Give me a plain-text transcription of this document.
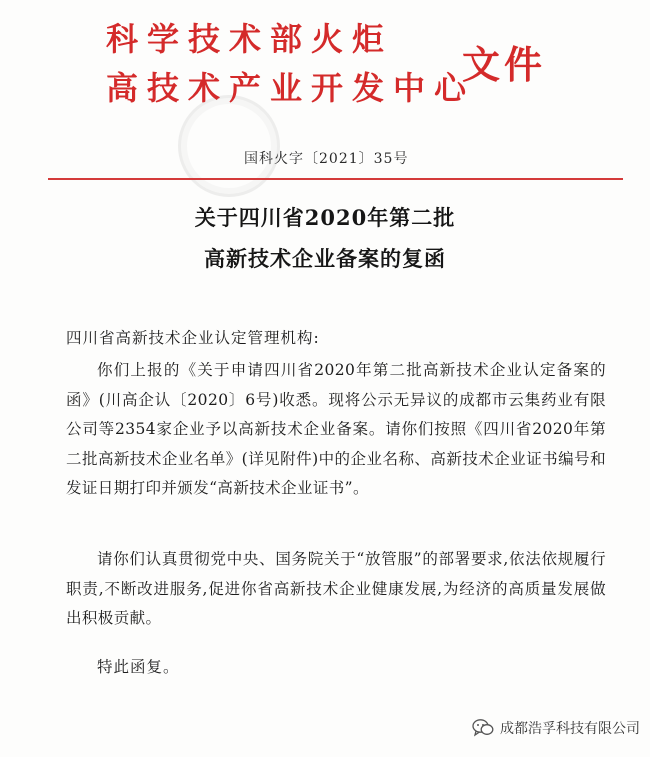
科学技术部火炬
高技术产业开发中心
文件
国科火字〔2021〕35号
关于四川省2020年第二批
高新技术企业备案的复函
四川省高新技术企业认定管理机构:
你们上报的《关于申请四川省2020年第二批高新技术企业认定备案的函》(川高企认〔2020〕6号)收悉。现将公示无异议的成都市云集药业有限公司等2354家企业予以高新技术企业备案。请你们按照《四川省2020年第二批高新技术企业名单》(详见附件)中的企业名称、高新技术企业证书编号和发证日期打印并颁发“高新技术企业证书”。
请你们认真贯彻党中央、国务院关于“放管服”的部署要求,依法依规履行职责,不断改进服务,促进你省高新技术企业健康发展,为经济的高质量发展做出积极贡献。
特此函复。
成都浩孚科技有限公司
